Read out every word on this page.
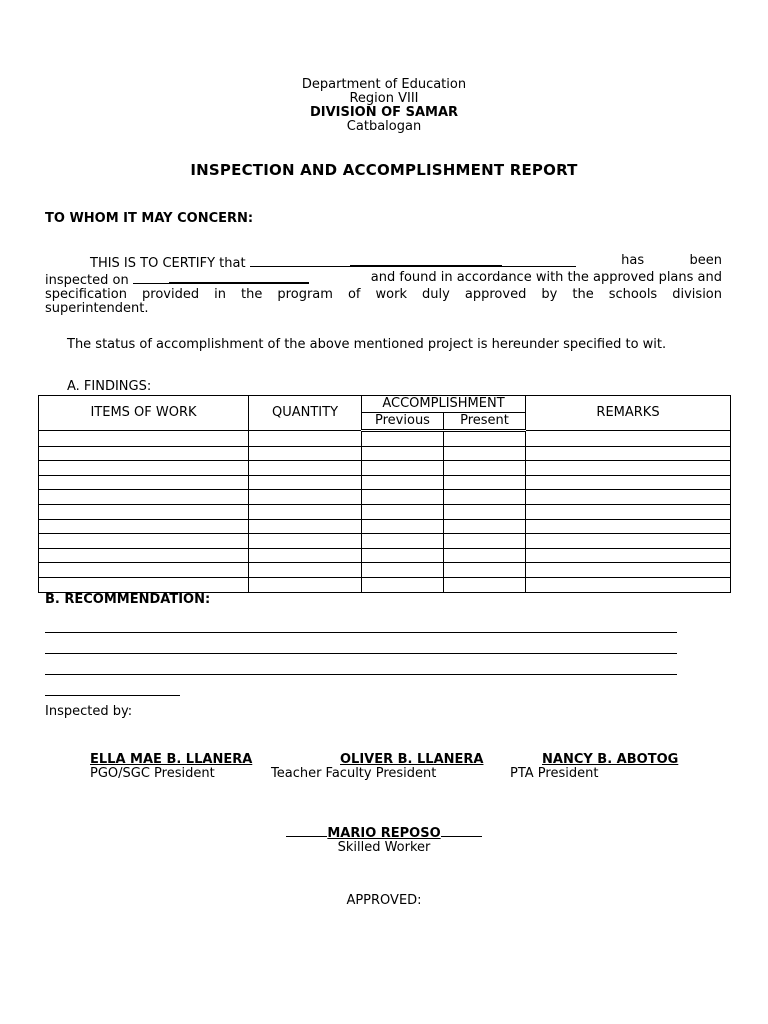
Department of Education
Region VIII
DIVISION OF SAMAR
Catbalogan
INSPECTION AND ACCOMPLISHMENT REPORT
TO WHOM IT MAY CONCERN:
THIS IS TO CERTIFY that	has	been
inspected on	and found in accordance with the approved plans and
specification provided in the program of work duly approved by the schools division
superintendent.
The status of accomplishment of the above mentioned project is hereunder specified to wit.
A. FINDINGS:
ITEMS OF WORK	QUANTITY	ACCOMPLISHMENT		REMARKS
		Previous	Present	

B. RECOMMENDATION:
Inspected by:
ELLA MAE B. LLANERA
PGO/SGC President
OLIVER B. LLANERA
Teacher Faculty President
NANCY B. ABOTOG
PTA President
MARIO REPOSO
Skilled Worker
APPROVED:
